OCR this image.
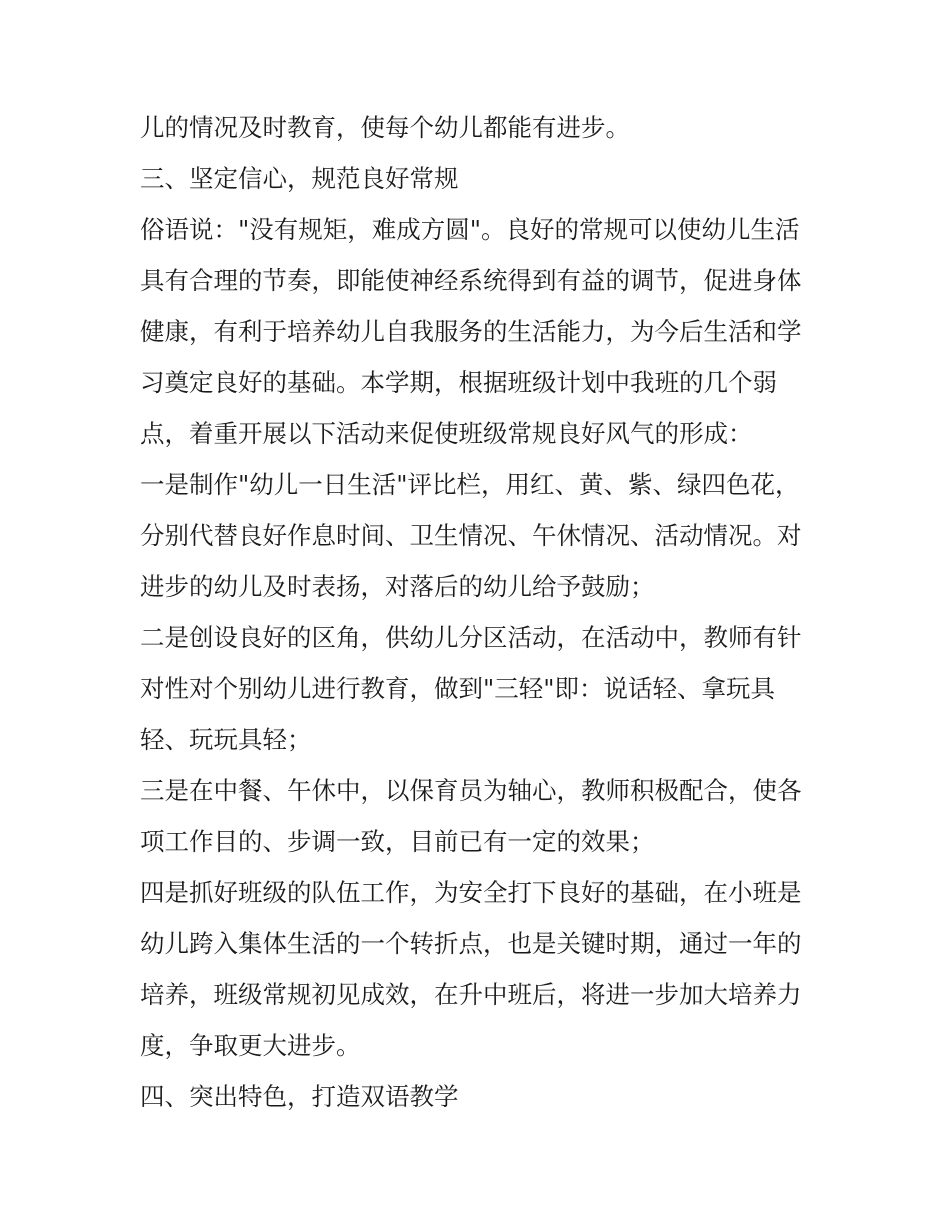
儿的情况及时教育，使每个幼儿都能有进步。
三、坚定信心，规范良好常规
俗语说："没有规矩，难成方圆"。良好的常规可以使幼儿生活
具有合理的节奏，即能使神经系统得到有益的调节，促进身体
健康，有利于培养幼儿自我服务的生活能力，为今后生活和学
习奠定良好的基础。本学期，根据班级计划中我班的几个弱
点，着重开展以下活动来促使班级常规良好风气的形成：
一是制作"幼儿一日生活"评比栏，用红、黄、紫、绿四色花，
分别代替良好作息时间、卫生情况、午休情况、活动情况。对
进步的幼儿及时表扬，对落后的幼儿给予鼓励；
二是创设良好的区角，供幼儿分区活动，在活动中，教师有针
对性对个别幼儿进行教育，做到"三轻"即：说话轻、拿玩具
轻、玩玩具轻；
三是在中餐、午休中，以保育员为轴心，教师积极配合，使各
项工作目的、步调一致，目前已有一定的效果；
四是抓好班级的队伍工作，为安全打下良好的基础，在小班是
幼儿跨入集体生活的一个转折点，也是关键时期，通过一年的
培养，班级常规初见成效，在升中班后，将进一步加大培养力
度，争取更大进步。
四、突出特色，打造双语教学
